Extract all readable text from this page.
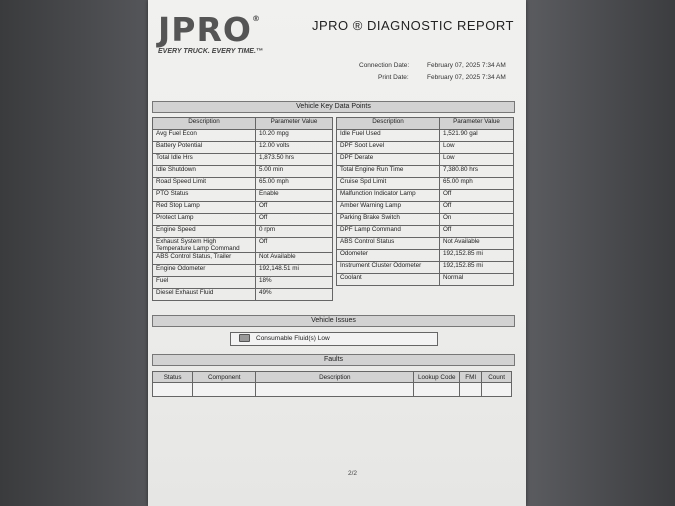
JPRO®
EVERY TRUCK. EVERY TIME.™
JPRO ® DIAGNOSTIC REPORT
Connection Date:	February 07, 2025 7:34 AM
Print Date:	February 07, 2025 7:34 AM
Vehicle Key Data Points
Description	Parameter Value
Avg Fuel Econ	10.20 mpg
Battery Potential	12.00 volts
Total Idle Hrs	1,873.50 hrs
Idle Shutdown	5.00 min
Road Speed Limit	65.00 mph
PTO Status	Enable
Red Stop Lamp	Off
Protect Lamp	Off
Engine Speed	0 rpm
Exhaust System High Temperature Lamp Command	Off
ABS Control Status, Trailer	Not Available
Engine Odometer	192,148.51 mi
Fuel	18%
Diesel Exhaust Fluid	49%
Description	Parameter Value
Idle Fuel Used	1,521.90 gal
DPF Soot Level	Low
DPF Derate	Low
Total Engine Run Time	7,380.80 hrs
Cruise Spd Limit	65.00 mph
Malfunction Indicator Lamp	Off
Amber Warning Lamp	Off
Parking Brake Switch	On
DPF Lamp Command	Off
ABS Control Status	Not Available
Odometer	192,152.85 mi
Instrument Cluster Odometer	192,152.85 mi
Coolant	Normal
Vehicle Issues
Consumable Fluid(s) Low
Faults
Status	Component	Description	Lookup Code	FMI	Count

2/2
